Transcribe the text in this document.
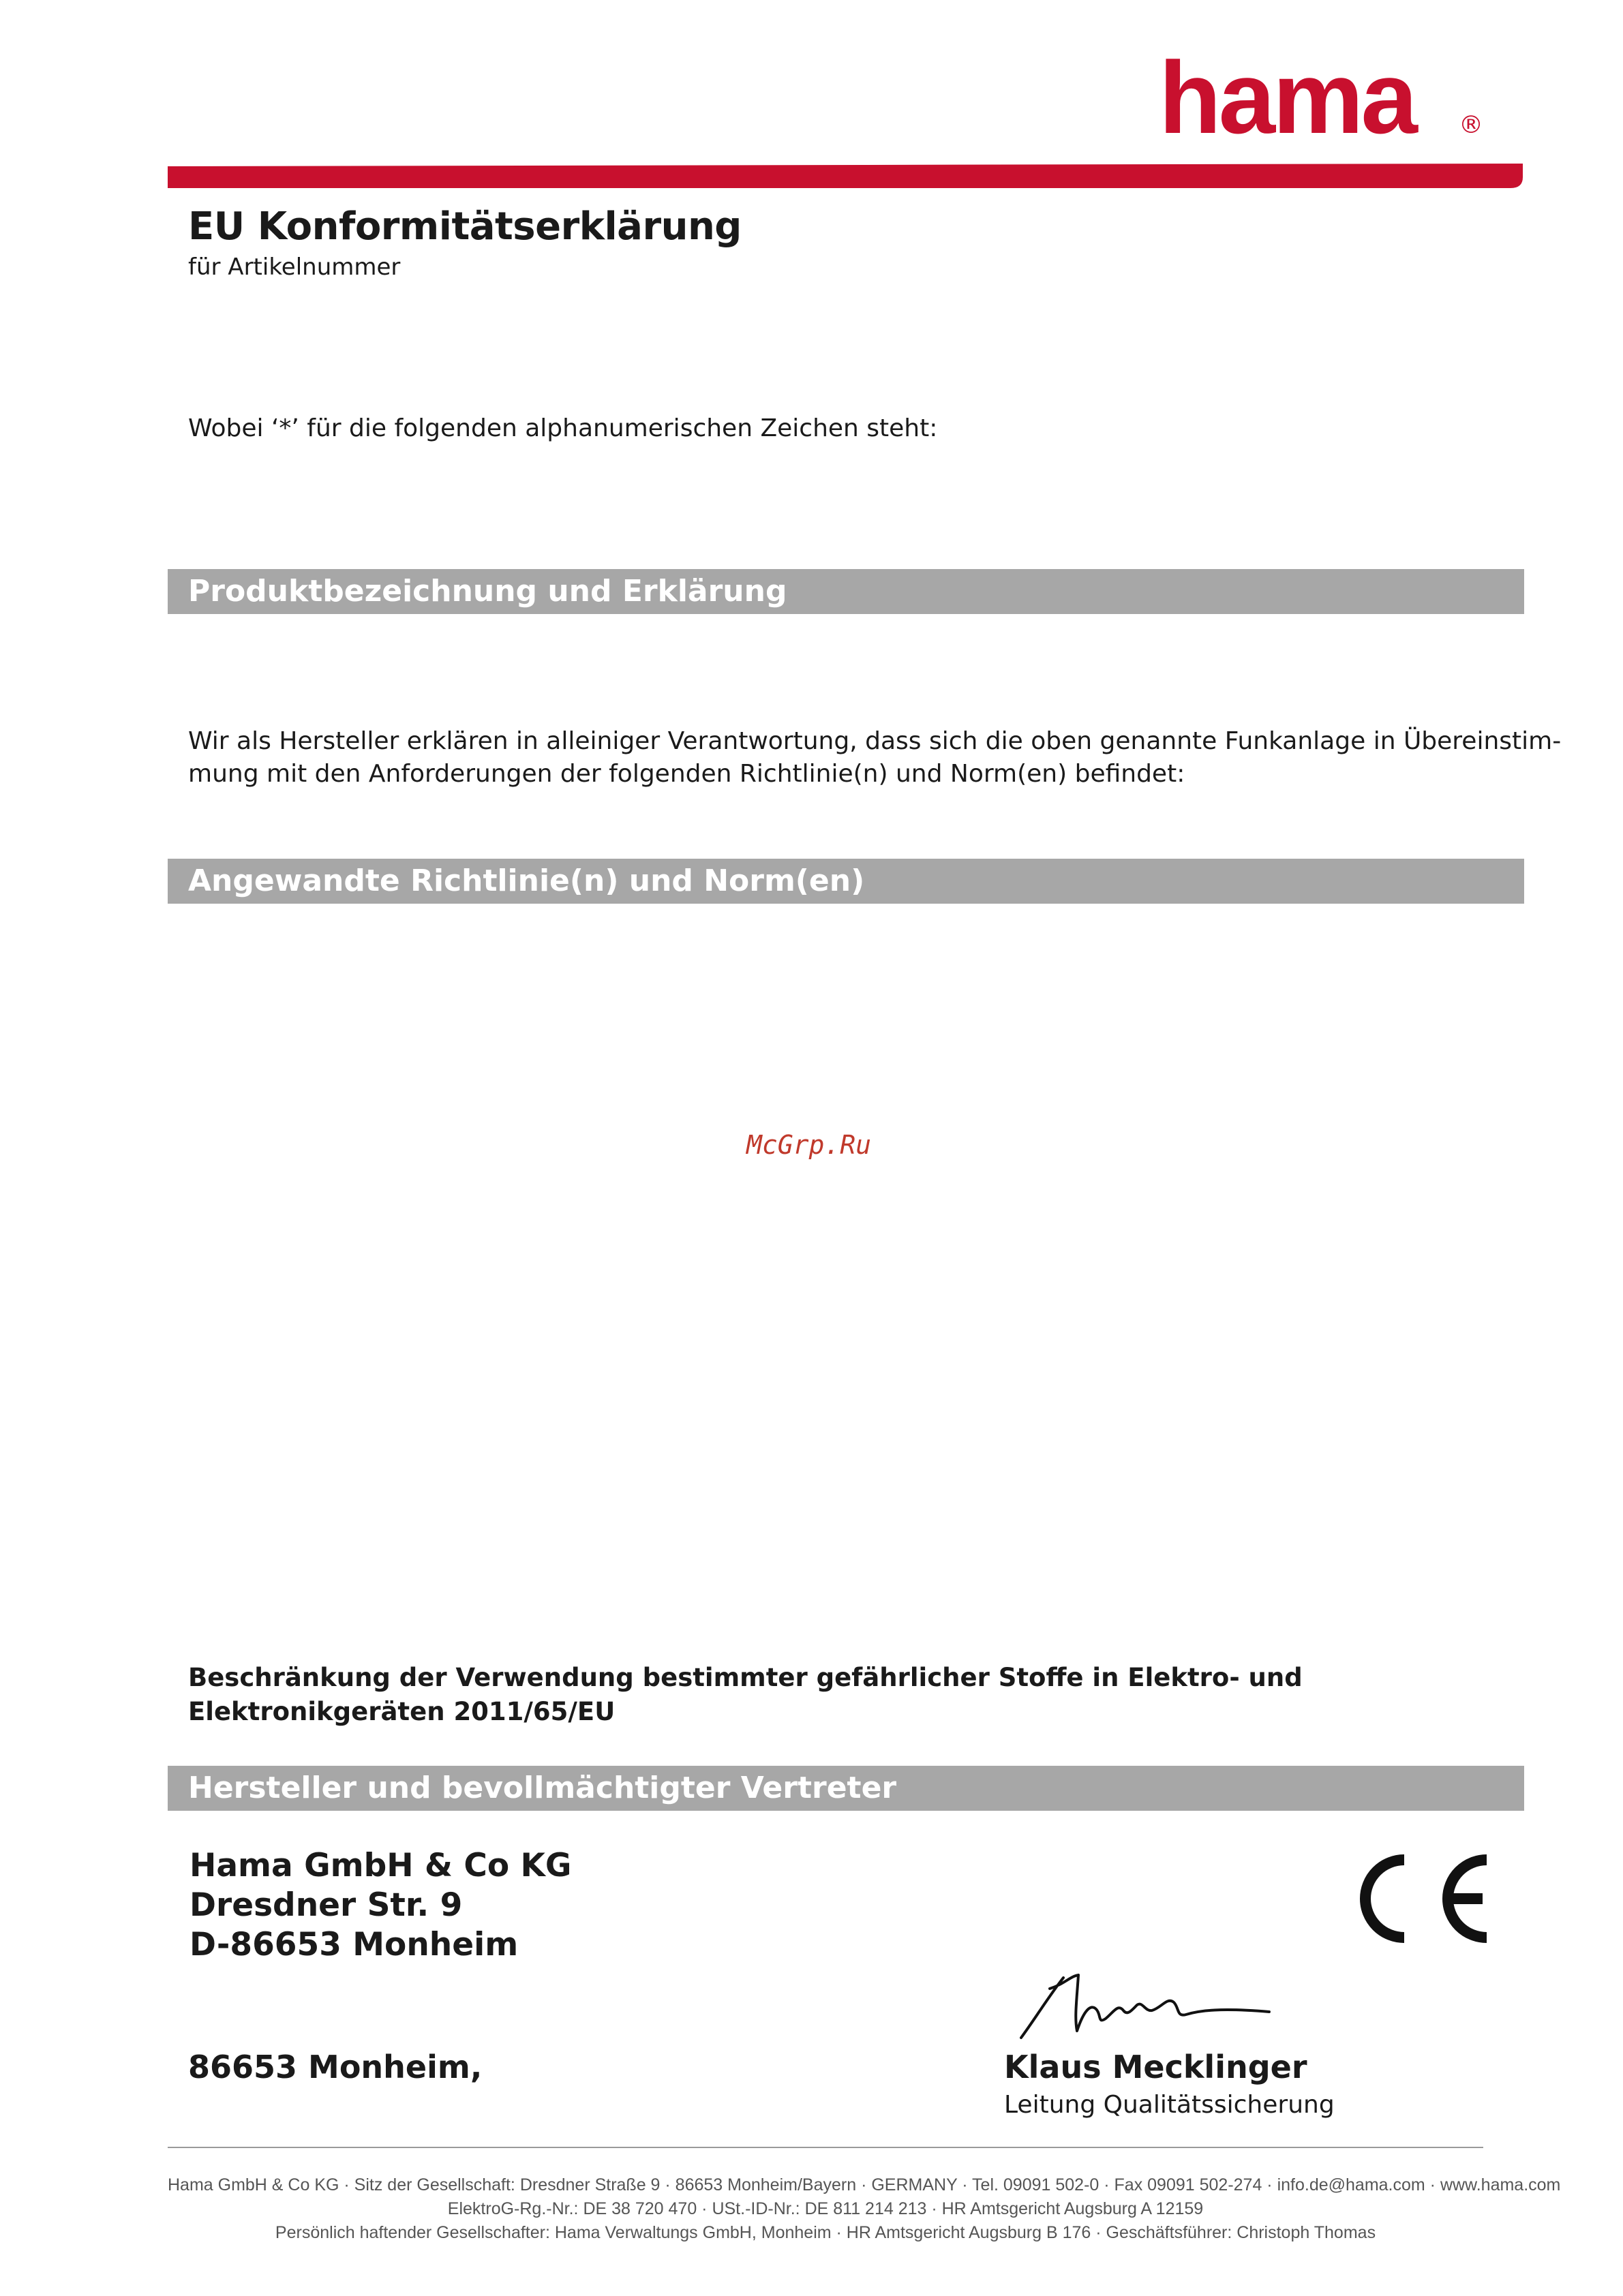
hama ®
EU Konformitätserklärung
für Artikelnummer
Wobei ‘*’ für die folgenden alphanumerischen Zeichen steht:
Produktbezeichnung und Erklärung
Wir als Hersteller erklären in alleiniger Verantwortung, dass sich die oben genannte Funkanlage in Übereinstim-
mung mit den Anforderungen der folgenden Richtlinie(n) und Norm(en) befindet:
Angewandte Richtlinie(n) und Norm(en)
McGrp.Ru
Beschränkung der Verwendung bestimmter gefährlicher Stoffe in Elektro- und
Elektronikgeräten 2011/65/EU
Hersteller und bevollmächtigter Vertreter
Hama GmbH & Co KG
Dresdner Str. 9
D-86653 Monheim
86653 Monheim,	Klaus Mecklinger
Leitung Qualitätssicherung
Hama GmbH & Co KG · Sitz der Gesellschaft: Dresdner Straße 9 · 86653 Monheim/Bayern · GERMANY · Tel. 09091 502-0 · Fax 09091 502-274 · info.de@hama.com · www.hama.com
ElektroG-Rg.-Nr.: DE 38 720 470 · USt.-ID-Nr.: DE 811 214 213 · HR Amtsgericht Augsburg A 12159
Persönlich haftender Gesellschafter: Hama Verwaltungs GmbH, Monheim · HR Amtsgericht Augsburg B 176 · Geschäftsführer: Christoph Thomas
